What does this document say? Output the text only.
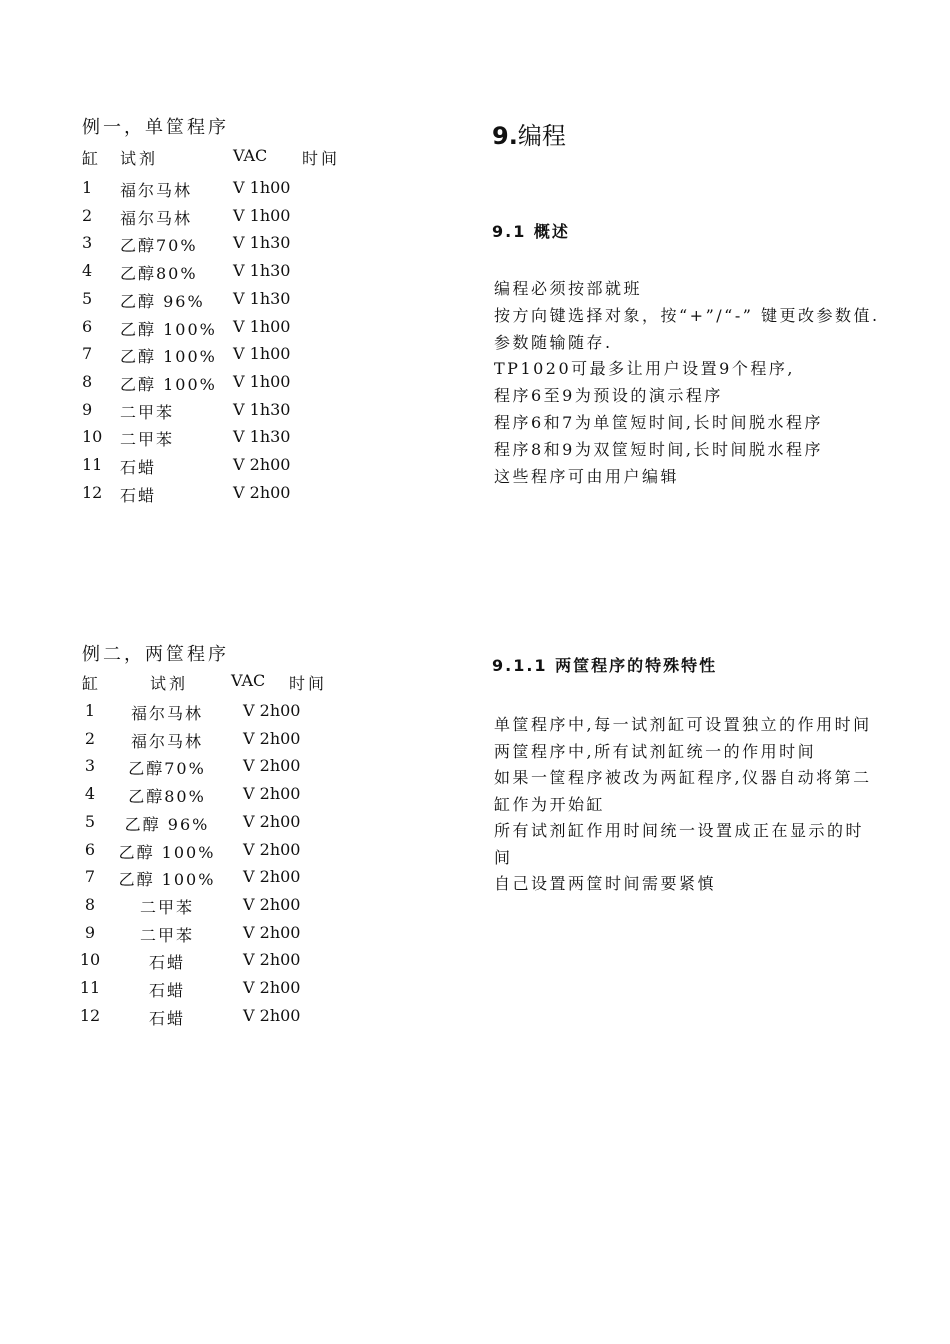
例一，单筐程序
缸 试剂	VAC 时间
1 福尔马林	V 1h00
2 福尔马林	V 1h00
3 乙醇70% V 1h30
4 乙醇80% V 1h30
5 乙醇 96% V 1h30
6 乙醇 100% V 1h00
7 乙醇 100% V 1h00
8 乙醇 100% V 1h00
9 二甲苯	V 1h30
10 二甲苯	V 1h30
11 石蜡	V 2h00
12 石蜡	V 2h00
例二，两筐程序
缸	试剂	VAC 时间
1	福尔马林	V 2h00
2	福尔马林	V 2h00
3	乙醇70%	V 2h00
4	乙醇80%	V 2h00
5	乙醇 96%	V 2h00
6	乙醇 100%	V 2h00
7	乙醇 100%	V 2h00
8	二甲苯	V 2h00
9	二甲苯	V 2h00
10	石蜡	V 2h00
11	石蜡	V 2h00
12	石蜡	V 2h00
9.编程
9.1 概述
编程必须按部就班
按方向键选择对象，按“+”/“-” 键更改参数值.
参数随输随存.
TP1020可最多让用户设置9个程序,
程序6至9为预设的演示程序
程序6和7为单筐短时间,长时间脱水程序
程序8和9为双筐短时间,长时间脱水程序
这些程序可由用户编辑
9.1.1 两筐程序的特殊特性
单筐程序中,每一试剂缸可设置独立的作用时间
两筐程序中,所有试剂缸统一的作用时间
如果一筐程序被改为两缸程序,仪器自动将第二
缸作为开始缸
所有试剂缸作用时间统一设置成正在显示的时
间
自己设置两筐时间需要紧慎
